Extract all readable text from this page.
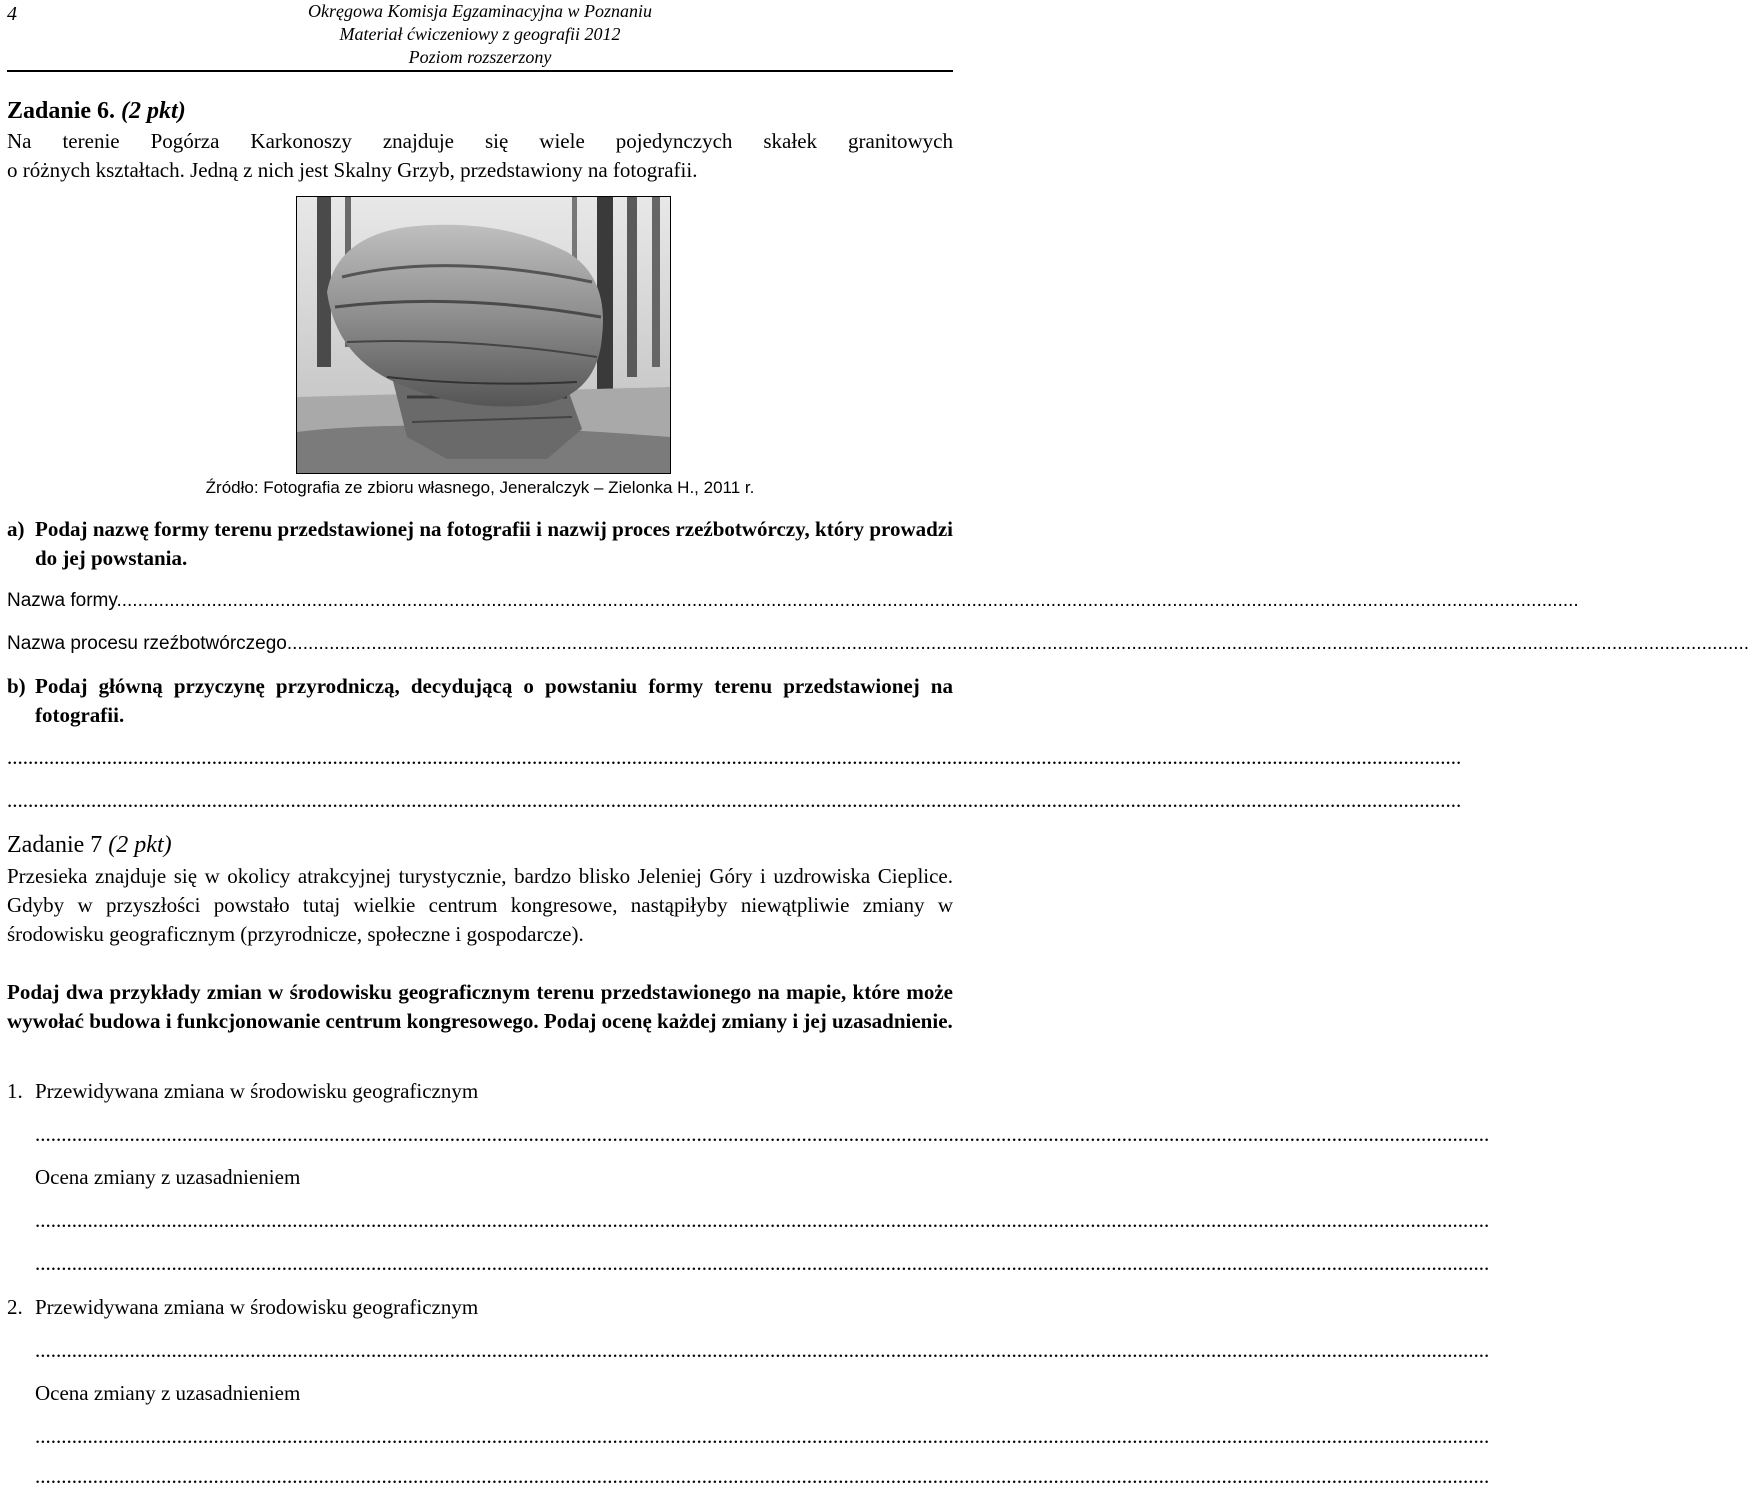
4	Okręgowa Komisja Egzaminacyjna w Poznaniu
Materiał ćwiczeniowy z geografii 2012
Poziom rozszerzony

Zadanie 6. (2 pkt)

Na terenie Pogórza Karkonoszy znajduje się wiele pojedynczych skałek granitowych

o różnych kształtach. Jedną z nich jest Skalny Grzyb, przedstawiony na fotografii.

Źródło: Fotografia ze zbioru własnego, Jeneralczyk – Zielonka H., 2011 r.
a) Podaj nazwę formy terenu przedstawionej na fotografii i nazwij proces rzeźbotwórczy, który prowadzi do jej powstania.
Nazwa formy.....................................................................................................................................................................................................................................................................................
Nazwa procesu rzeźbotwórczego.....................................................................................................................................................................................................................................................................................
b) Podaj główną przyczynę przyrodniczą, decydującą o powstaniu formy terenu przedstawionej na fotografii.
.....................................................................................................................................................................................................................................................................................
.....................................................................................................................................................................................................................................................................................

Zadanie 7 (2 pkt)

Przesieka znajduje się w okolicy atrakcyjnej turystycznie, bardzo blisko Jeleniej Góry i uzdrowiska Cieplice. Gdyby w przyszłości powstało tutaj wielkie centrum kongresowe, nastąpiłyby niewątpliwie zmiany w środowisku geograficznym (przyrodnicze, społeczne i gospodarcze).

Podaj dwa przykłady zmian w środowisku geograficznym terenu przedstawionego na mapie, które może wywołać budowa i funkcjonowanie centrum kongresowego. Podaj ocenę każdej zmiany i jej uzasadnienie.

1. Przewidywana zmiana w środowisku geograficznym
.....................................................................................................................................................................................................................................................................................
Ocena zmiany z uzasadnieniem
.....................................................................................................................................................................................................................................................................................
.....................................................................................................................................................................................................................................................................................
2. Przewidywana zmiana w środowisku geograficznym
.....................................................................................................................................................................................................................................................................................
Ocena zmiany z uzasadnieniem
.....................................................................................................................................................................................................................................................................................
.....................................................................................................................................................................................................................................................................................
